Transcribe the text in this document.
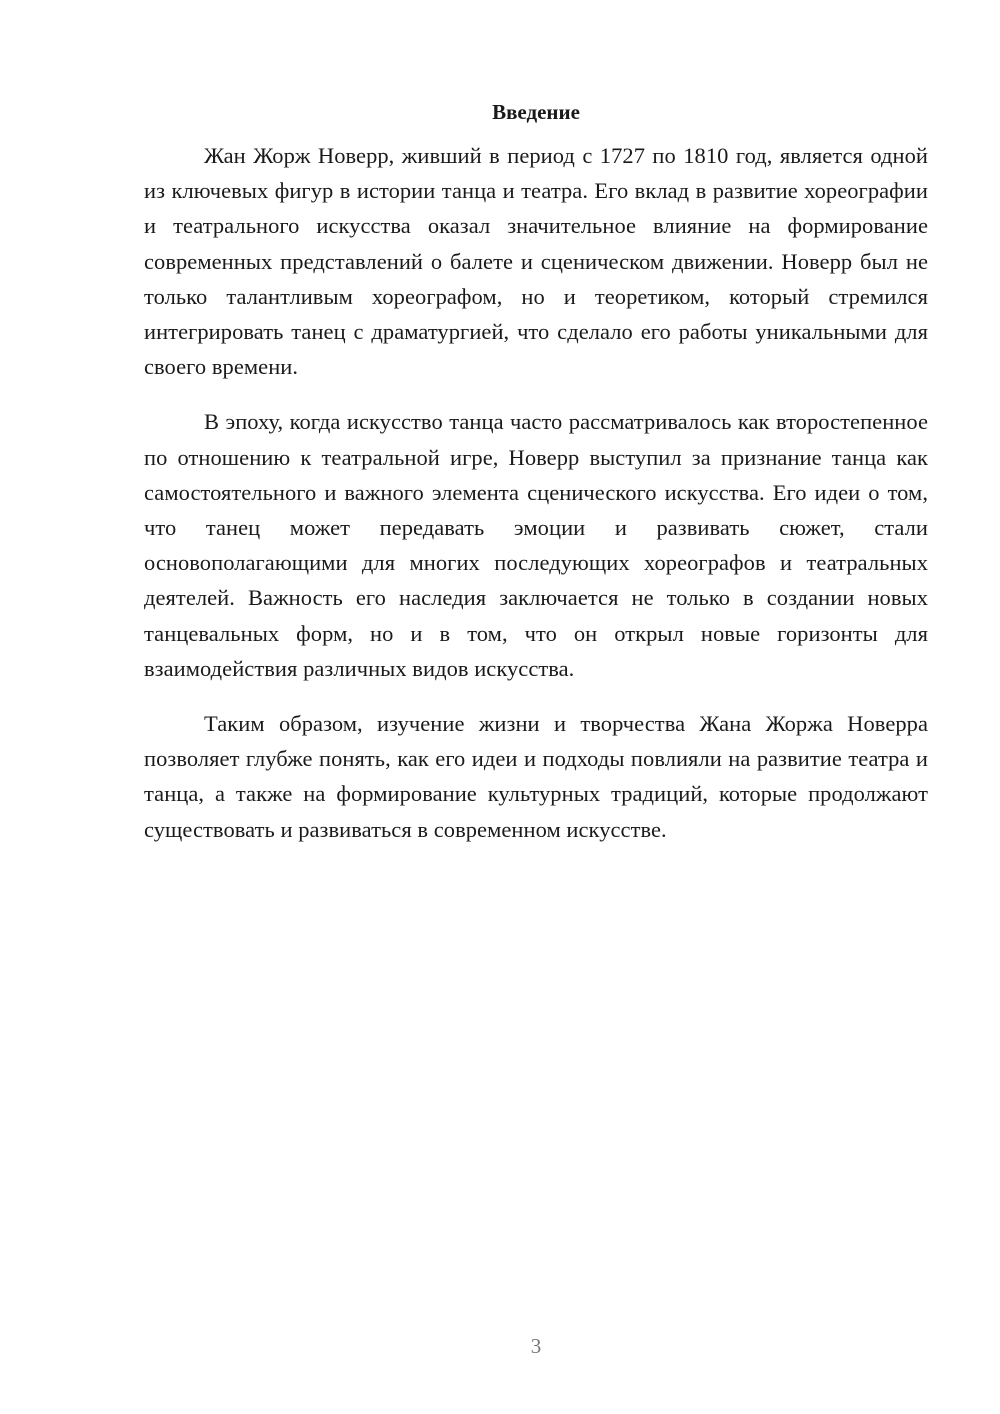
Введение

Жан Жорж Новерр, живший в период с 1727 по 1810 год, является одной из ключевых фигур в истории танца и театра. Его вклад в развитие хореографии и театрального искусства оказал значительное влияние на формирование современных представлений о балете и сценическом движении. Новерр был не только талантливым хореографом, но и теоретиком, который стремился интегрировать танец с драматургией, что сделало его работы уникальными для своего времени.

В эпоху, когда искусство танца часто рассматривалось как второстепенное по отношению к театральной игре, Новерр выступил за признание танца как самостоятельного и важного элемента сценического искусства. Его идеи о том, что танец может передавать эмоции и развивать сюжет, стали основополагающими для многих последующих хореографов и театральных деятелей. Важность его наследия заключается не только в создании новых танцевальных форм, но и в том, что он открыл новые горизонты для взаимодействия различных видов искусства.

Таким образом, изучение жизни и творчества Жана Жоржа Новерра позволяет глубже понять, как его идеи и подходы повлияли на развитие театра и танца, а также на формирование культурных традиций, которые продолжают существовать и развиваться в современном искусстве.

3
